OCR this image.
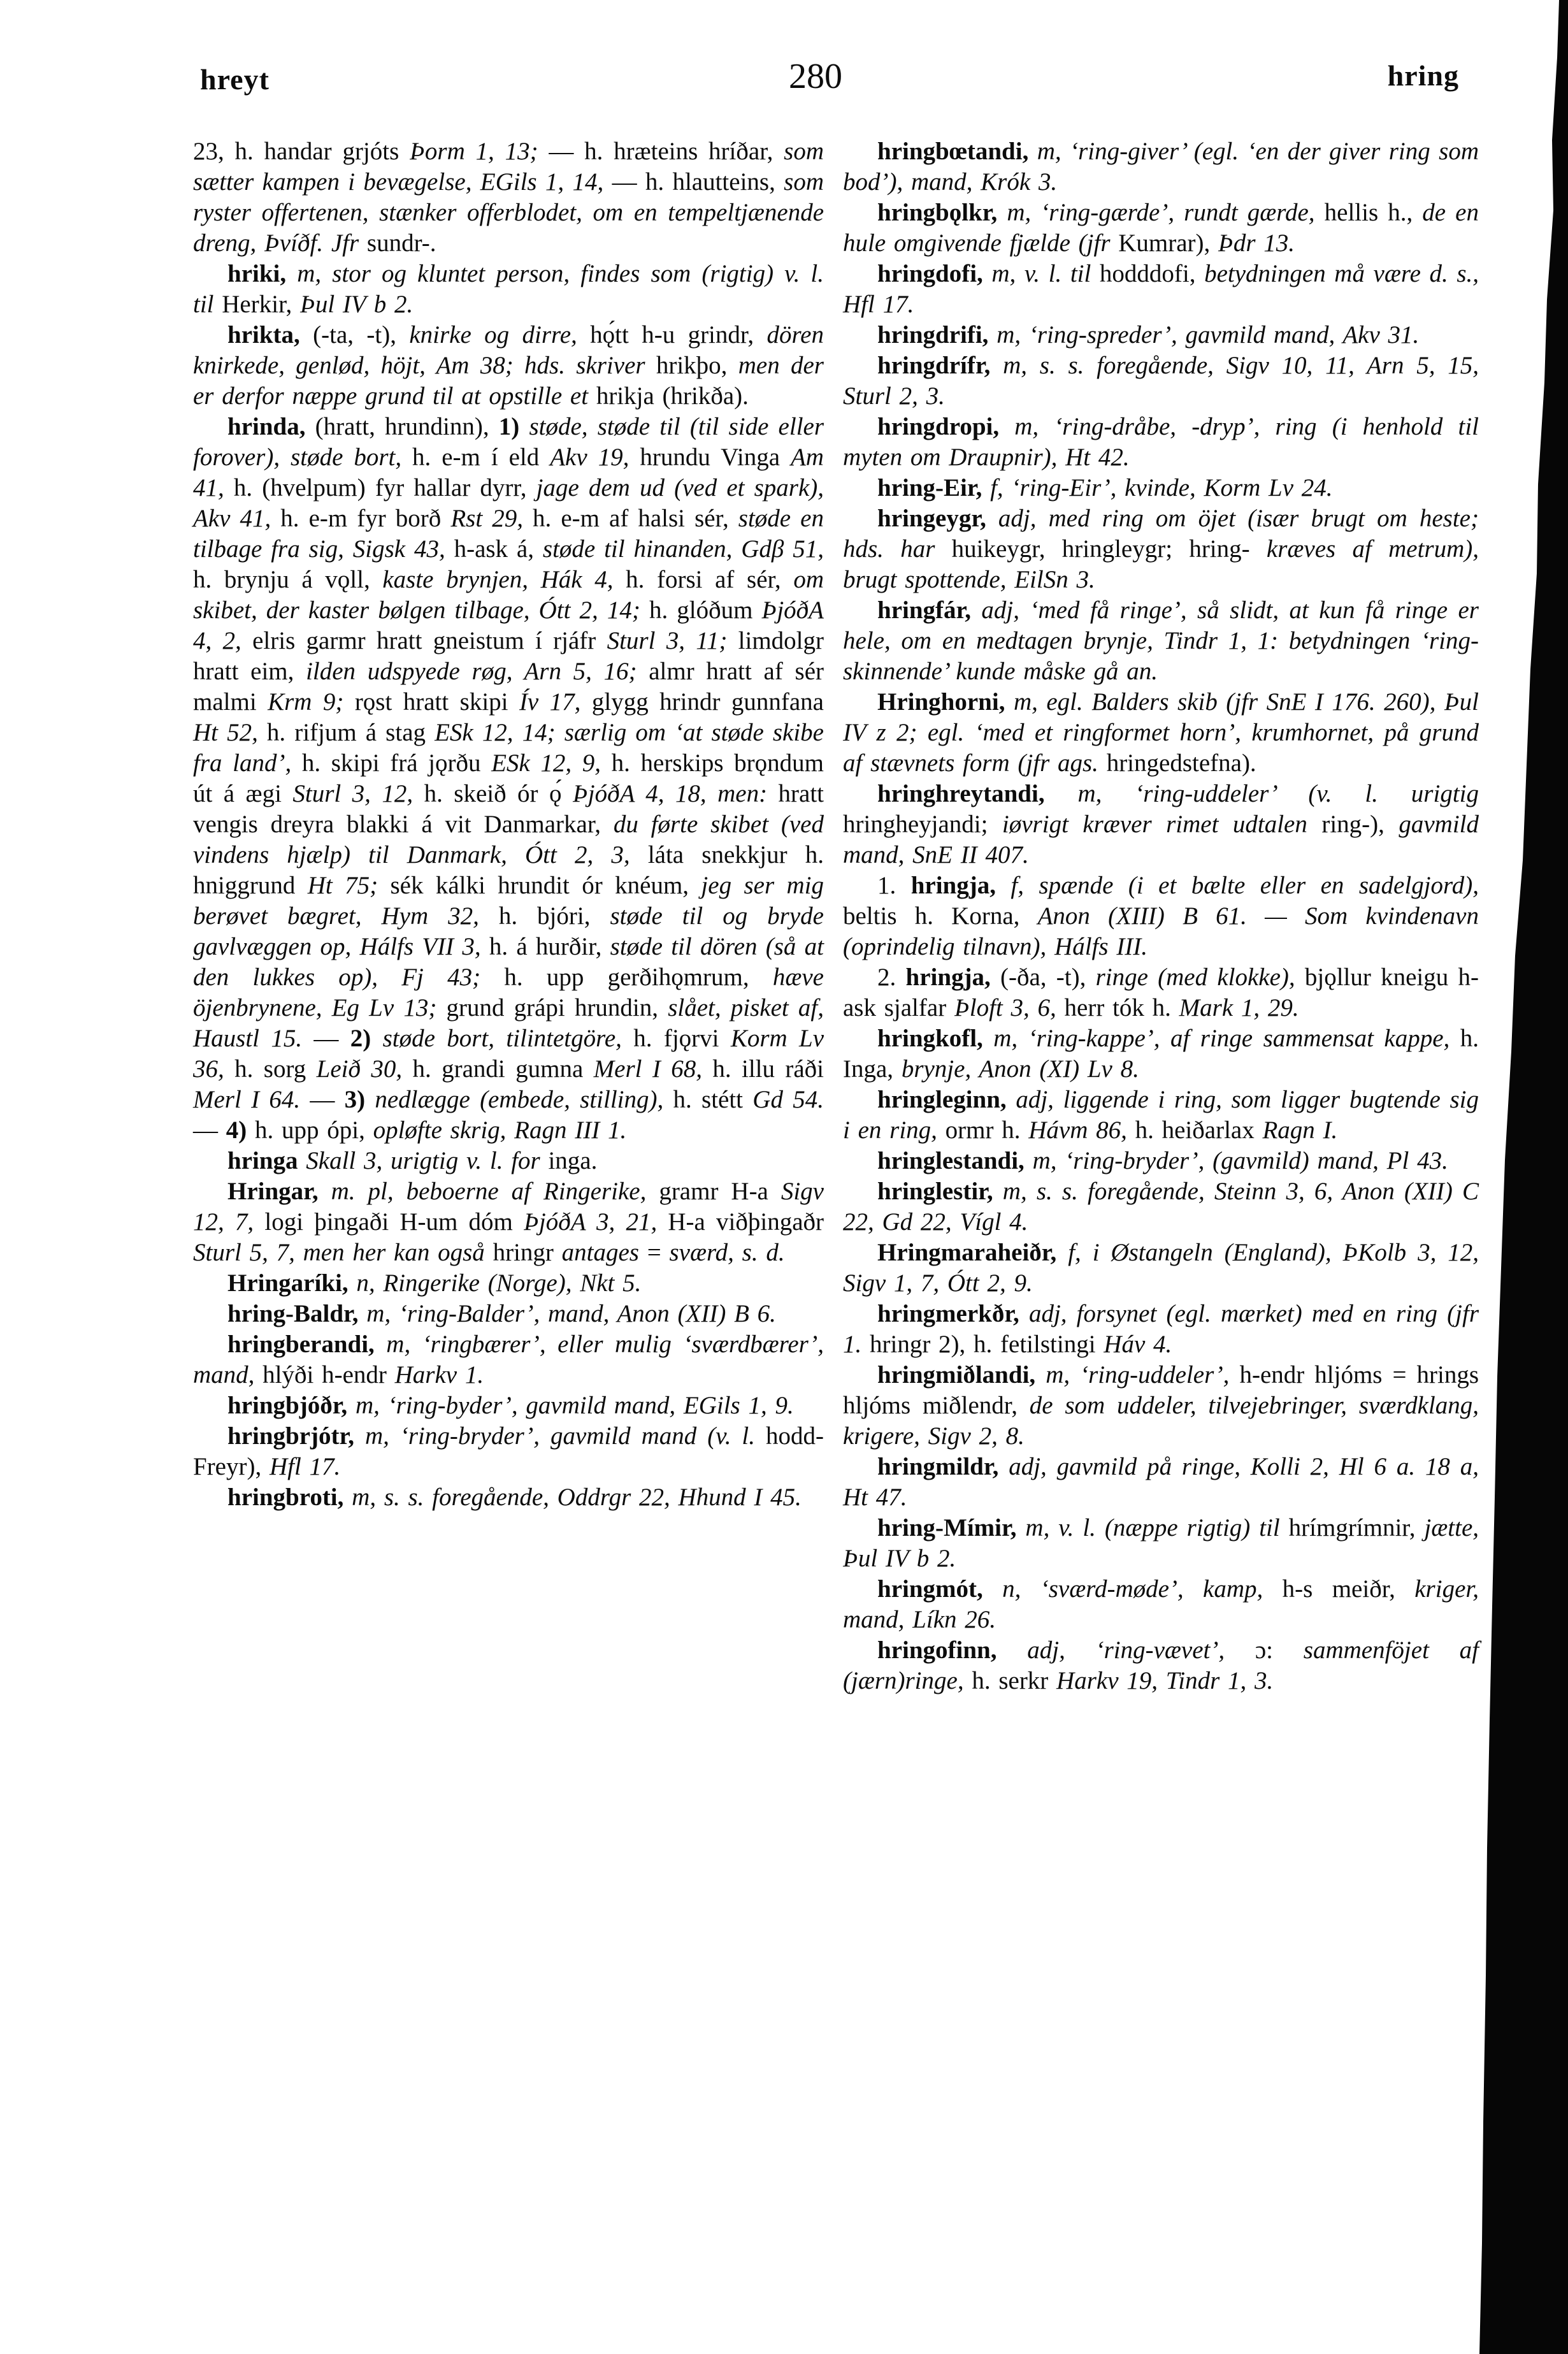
hreyt	280	hring

23, h. handar grjóts Þorm 1, 13; — h. hræteins hríðar, som sætter kampen i bevægelse, EGils 1, 14, — h. hlautteins, som ryster offertenen, stænker offerblodet, om en tempeltjænende dreng, Þvíðf. Jfr sundr-.

hriki, m, stor og kluntet person, findes som (rigtig) v. l. til Herkir, Þul IV b 2.

hrikta, (-ta, -t), knirke og dirre, hǫ́tt h-u grindr, dören knirkede, genlød, höjt, Am 38; hds. skriver hrikþo, men der er derfor næppe grund til at opstille et hrikja (hrikða).

hrinda, (hratt, hrundinn), 1) støde, støde til (til side eller forover), støde bort, h. e-m í eld Akv 19, hrundu Vinga Am 41, h. (hvelpum) fyr hallar dyrr, jage dem ud (ved et spark), Akv 41, h. e-m fyr borð Rst 29, h. e-m af halsi sér, støde en tilbage fra sig, Sigsk 43, h-ask á, støde til hinanden, Gdβ 51, h. brynju á vǫll, kaste brynjen, Hák 4, h. forsi af sér, om skibet, der kaster bølgen tilbage, Ótt 2, 14; h. glóðum ÞjóðA 4, 2, elris garmr hratt gneistum í rjáfr Sturl 3, 11; limdolgr hratt eim, ilden udspyede røg, Arn 5, 16; almr hratt af sér malmi Krm 9; rǫst hratt skipi Ív 17, glygg hrindr gunnfana Ht 52, h. rifjum á stag ESk 12, 14; særlig om ‘at støde skibe fra land’, h. skipi frá jǫrðu ESk 12, 9, h. herskips brǫndum út á ægi Sturl 3, 12, h. skeið ór ǫ́ ÞjóðA 4, 18, men: hratt vengis dreyra blakki á vit Danmarkar, du førte skibet (ved vindens hjælp) til Danmark, Ótt 2, 3, láta snekkjur h. hniggrund Ht 75; sék kálki hrundit ór knéum, jeg ser mig berøvet bægret, Hym 32, h. bjóri, støde til og bryde gavlvæggen op, Hálfs VII 3, h. á hurðir, støde til dören (så at den lukkes op), Fj 43; h. upp gerðihǫmrum, hæve öjenbrynene, Eg Lv 13; grund grápi hrundin, slået, pisket af, Haustl 15. — 2) støde bort, tilintetgöre, h. fjǫrvi Korm Lv 36, h. sorg Leið 30, h. grandi gumna Merl I 68, h. illu ráði Merl I 64. — 3) nedlægge (embede, stilling), h. stétt Gd 54. — 4) h. upp ópi, opløfte skrig, Ragn III 1.

hringa Skall 3, urigtig v. l. for inga.

Hringar, m. pl, beboerne af Ringerike, gramr H-a Sigv 12, 7, logi þingaði H-um dóm ÞjóðA 3, 21, H-a viðþingaðr Sturl 5, 7, men her kan også hringr antages = sværd, s. d.

Hringaríki, n, Ringerike (Norge), Nkt 5.

hring-Baldr, m, ‘ring-Balder’, mand, Anon (XII) B 6.

hringberandi, m, ‘ringbærer’, eller mulig ‘sværdbærer’, mand, hlýði h-endr Harkv 1.

hringbjóðr, m, ‘ring-byder’, gavmild mand, EGils 1, 9.

hringbrjótr, m, ‘ring-bryder’, gavmild mand (v. l. hodd-Freyr), Hfl 17.

hringbroti, m, s. s. foregående, Oddrgr 22, Hhund I 45.

hringbœtandi, m, ‘ring-giver’ (egl. ‘en der giver ring som bod’), mand, Krók 3.

hringbǫlkr, m, ‘ring-gærde’, rundt gærde, hellis h., de en hule omgivende fjælde (jfr Kumrar), Þdr 13.

hringdofi, m, v. l. til hodddofi, betydningen må være d. s., Hfl 17.

hringdrifi, m, ‘ring-spreder’, gavmild mand, Akv 31.

hringdrífr, m, s. s. foregående, Sigv 10, 11, Arn 5, 15, Sturl 2, 3.

hringdropi, m, ‘ring-dråbe, -dryp’, ring (i henhold til myten om Draupnir), Ht 42.

hring-Eir, f, ‘ring-Eir’, kvinde, Korm Lv 24.

hringeygr, adj, med ring om öjet (især brugt om heste; hds. har huikeygr, hringleygr; hring- kræves af metrum), brugt spottende, EilSn 3.

hringfár, adj, ‘med få ringe’, så slidt, at kun få ringe er hele, om en medtagen brynje, Tindr 1, 1: betydningen ‘ring-skinnende’ kunde måske gå an.

Hringhorni, m, egl. Balders skib (jfr SnE I 176. 260), Þul IV z 2; egl. ‘med et ringformet horn’, krumhornet, på grund af stævnets form (jfr ags. hringedstefna).

hringhreytandi, m, ‘ring-uddeler’ (v. l. urigtig hringheyjandi; iøvrigt kræver rimet udtalen ring-), gavmild mand, SnE II 407.

1. hringja, f, spænde (i et bælte eller en sadelgjord), beltis h. Korna, Anon (XIII) B 61. — Som kvindenavn (oprindelig tilnavn), Hálfs III.

2. hringja, (-ða, -t), ringe (med klokke), bjǫllur kneigu h-ask sjalfar Þloft 3, 6, herr tók h. Mark 1, 29.

hringkofl, m, ‘ring-kappe’, af ringe sammensat kappe, h. Inga, brynje, Anon (XI) Lv 8.

hringleginn, adj, liggende i ring, som ligger bugtende sig i en ring, ormr h. Hávm 86, h. heiðarlax Ragn I.

hringlestandi, m, ‘ring-bryder’, (gavmild) mand, Pl 43.

hringlestir, m, s. s. foregående, Steinn 3, 6, Anon (XII) C 22, Gd 22, Vígl 4.

Hringmaraheiðr, f, i Østangeln (England), ÞKolb 3, 12, Sigv 1, 7, Ótt 2, 9.

hringmerkðr, adj, forsynet (egl. mærket) med en ring (jfr 1. hringr 2), h. fetilstingi Háv 4.

hringmiðlandi, m, ‘ring-uddeler’, h-endr hljóms = hrings hljóms miðlendr, de som uddeler, tilvejebringer, sværdklang, krigere, Sigv 2, 8.

hringmildr, adj, gavmild på ringe, Kolli 2, Hl 6 a. 18 a, Ht 47.

hring-Mímir, m, v. l. (næppe rigtig) til hrímgrímnir, jætte, Þul IV b 2.

hringmót, n, ‘sværd-møde’, kamp, h-s meiðr, kriger, mand, Líkn 26.

hringofinn, adj, ‘ring-vævet’, ɔ: sammenföjet af (jærn)ringe, h. serkr Harkv 19, Tindr 1, 3.
